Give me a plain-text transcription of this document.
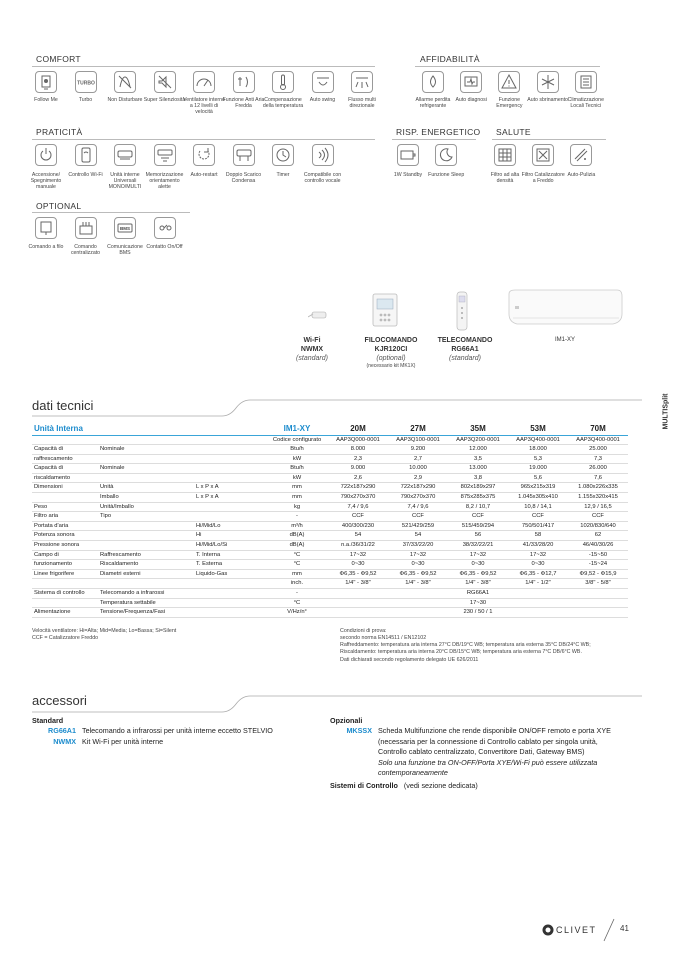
COMFORT
Follow Me
TURBO
Turbo	Non Disturbare Super Silenziosità
Ventilatore interno a 12 livelli di velocità
Funzione Anti Aria Fredda
Compensazione della temperatura
Auto swing	Flusso multi direzionale
AFFIDABILITÀ
Allarme perdita refrigerante
Auto diagnosi	Funzione Emergency
Auto sbrinamento Climatizzazione Locali Tecnici
PRATICITÀ
Accensione/ Spegnimento manuale
Controllo Wi-Fi	Unità interne Universali MONO/MULTI
Memorizzazione orientamento alette
Auto-restart	Doppio Scarico Condensa
Timer	Compatibile con controllo vocale
RISP. ENERGETICO
1W Standby	Funzione Sleep
SALUTE
Filtro ad alta densità
Filtro Catalizzatore a Freddo
Auto-Pulizia
OPTIONAL
Comando a filo	Comando centralizzato
BMS
Comunicazione BMS
Contatto On/Off
Wi-Fi
NWMX
(standard)
FILOCOMANDO
KJR120CI
(optional)
(necessario kit MK1X)
TELECOMANDO
RG66A1
(standard)
IM1-XY
MULTISplit
dati tecnici
Unità Interna			IM1-XY	20M	27M	35M	53M	70M
			Codice configurato	AAP3Q000-0001	AAP3Q100-0001	AAP3Q200-0001	AAP3Q400-0001	AAP3Q400-0001
Capacità di	Nominale		Btu/h	8.000	9.200	12.000	18.000	25.000
raffrescamento			kW	2,3	2,7	3,5	5,3	7,3
Capacità di	Nominale		Btu/h	9.000	10.000	13.000	19.000	26.000
riscaldamento			kW	2,6	2,9	3,8	5,6	7,6
Dimensioni	Unità	L x P x A	mm	722x187x290	722x187x290	802x189x297	965x215x319	1.080x226x335
	Imballo	L x P x A	mm	790x270x370	790x270x370	875x285x375	1.045x305x410	1.155x320x415
Peso	Unità/Imballo		kg	7,4 / 9,6	7,4 / 9,6	8,2 / 10,7	10,8 / 14,1	12,9 / 16,5
Filtro aria	Tipo		-	CCF	CCF	CCF	CCF	CCF
Portata d'aria		Hi/Mid/Lo	m³/h	400/300/230	521/429/259	515/459/294	750/501/417	1020/830/640
Potenza sonora		Hi	dB(A)	54	54	56	58	62
Pressione sonora		Hi/Mid/Lo/Si	dB(A)	n.a./36/31/22	37/33/22/20	38/32/22/21	41/33/28/20	46/40/30/26
Campo di	Raffrescamento	T. Interna	°C	17~32	17~32	17~32	17~32	-15~50
funzionamento	Riscaldamento	T. Esterna	°C	0~30	0~30	0~30	0~30	-15~24
Linee frigorifere	Diametri esterni	Liquido-Gas	mm	Φ6,35 - Φ9,52	Φ6,35 - Φ9,52	Φ6,35 - Φ9,52	Φ6,35 - Φ12,7	Φ9,52 - Φ15,9
			inch.	1/4" - 3/8"	1/4" - 3/8"	1/4" - 3/8"	1/4" - 1/2"	3/8" - 5/8"
Sistema di controllo	Telecomando a infrarossi		-	RG66A1				
	Temperatura settabile		°C	17~30				
Alimentazione	Tensione/Frequenza/Fasi		V/Hz/n°	230 / 50 / 1				
Velocità ventilatore: Hi=Alta; Mid=Media; Lo=Bassa; Si=Silent
CCF = Catalizzatore Freddo
Condizioni di prova:
secondo norma EN14511 / EN12102
Raffreddamento: temperatura aria interna 27°C DB/19°C WB; temperatura aria esterna 35°C DB/24°C WB;
Riscaldamento: temperatura aria interna 20°C DB/15°C WB; temperatura aria esterna 7°C DB/6°C WB.
Dati dichiarati secondo regolamento delegato UE 626/2011
accessori
Standard
RG66A1 Telecomando a infrarossi per unità interne eccetto STELVIO
NWMX Kit Wi-Fi per unità interne
Opzionali
MKSSX Scheda Multifunzione che rende disponibile ON/OFF remoto e porta XYE (necessaria per la connessione di Controllo cablato per singola unità, Controllo cablato centralizzato, Convertitore Dati, Gateway BMS)
Solo una funzione tra ON-OFF/Porta XYE/Wi-Fi può essere utilizzata contemporaneamente
Sistemi di Controllo (vedi sezione dedicata)
CLIVET	41
